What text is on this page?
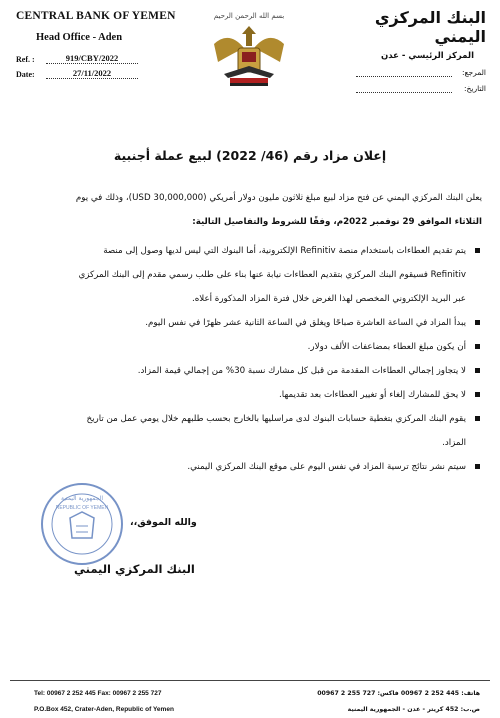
CENTRAL BANK OF YEMEN
Head Office - Aden
Ref. :	919/CBY/2022
Date:	27/11/2022
بسم الله الرحمن الرحيم	البنك المركزي اليمني
المركز الرئيسي - عدن
المرجع:
التاريخ:
إعلان مزاد رقم (46/ 2022) لبيع عملة أجنبية
يعلن البنك المركزي اليمني عن فتح مزاد لبيع مبلغ ثلاثون مليون دولار أمريكي (30,000,000 USD)، وذلك في يوم
الثلاثاء الموافق 29 نوفمبر 2022م، وفقًا للشروط والتفاصيل التالية:
يتم تقديم العطاءات باستخدام منصة Refinitiv الإلكترونية، أما البنوك التي ليس لديها وصول إلى منصة
Refinitiv فسيقوم البنك المركزي بتقديم العطاءات نيابة عنها بناء على طلب رسمي مقدم إلى البنك المركزي
عبر البريد الإلكتروني المخصص لهذا الغرض خلال فترة المزاد المذكورة أعلاه.
يبدأ المزاد في الساعة العاشرة صباحًا ويغلق في الساعة الثانية عشر ظهرًا في نفس اليوم.
أن يكون مبلغ العطاء بمضاعفات الألف دولار.
لا يتجاوز إجمالي العطاءات المقدمة من قبل كل مشارك نسبة 30% من إجمالي قيمة المزاد.
لا يحق للمشارك إلغاء أو تغيير العطاءات بعد تقديمها.
يقوم البنك المركزي بتغطية حسابات البنوك لدى مراسليها بالخارج بحسب طلبهم خلال يومي عمل من تاريخ
المزاد.
سيتم نشر نتائج ترسية المزاد في نفس اليوم على موقع البنك المركزي اليمني.
والله الموفق،،
الجمهورية اليمنية
REPUBLIC OF YEMEN
البنك المركزي اليمني
Tel: 00967 2 252 445 Fax: 00967 2 255 727
P.O.Box 452, Crater-Aden, Republic of Yemen
هاتف: 445 252 2 00967 فاكس: 727 255 2 00967
ص.ب: 452 كريتر - عدن - الجمهورية اليمنية
